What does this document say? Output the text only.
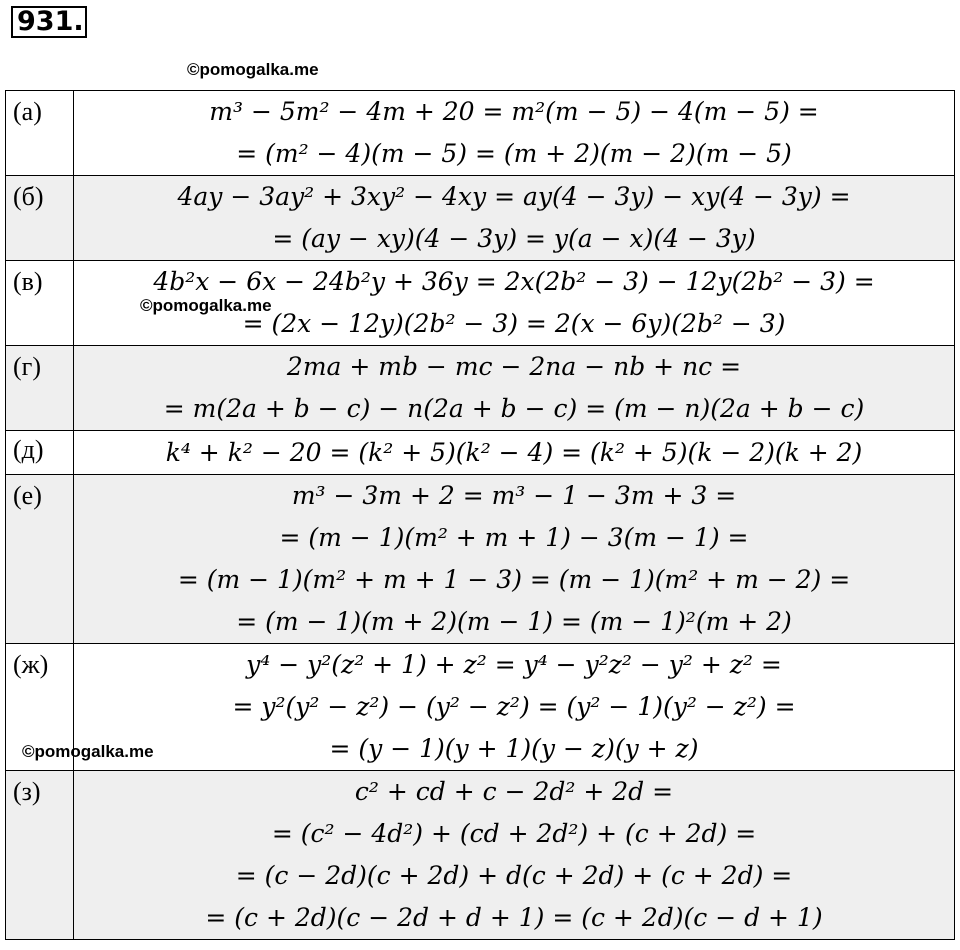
931.
©pomogalka.me
(а)	m³ − 5m² − 4m + 20 = m²(m − 5) − 4(m − 5) =
= (m² − 4)(m − 5) = (m + 2)(m − 2)(m − 5)

(б)	4ay − 3ay² + 3xy² − 4xy = ay(4 − 3y) − xy(4 − 3y) =
= (ay − xy)(4 − 3y) = y(a − x)(4 − 3y)

(в)	4b²x − 6x − 24b²y + 36y = 2x(2b² − 3) − 12y(2b² − 3) =
= (2x − 12y)(2b² − 3) = 2(x − 6y)(2b² − 3)

(г)	2ma + mb − mc − 2na − nb + nc =
= m(2a + b − c) − n(2a + b − c) = (m − n)(2a + b − c)

(д)	k⁴ + k² − 20 = (k² + 5)(k² − 4) = (k² + 5)(k − 2)(k + 2)

(е)	m³ − 3m + 2 = m³ − 1 − 3m + 3 =
= (m − 1)(m² + m + 1) − 3(m − 1) =
= (m − 1)(m² + m + 1 − 3) = (m − 1)(m² + m − 2) =
= (m − 1)(m + 2)(m − 1) = (m − 1)²(m + 2)

(ж)	y⁴ − y²(z² + 1) + z² = y⁴ − y²z² − y² + z² =
= y²(y² − z²) − (y² − z²) = (y² − 1)(y² − z²) =
= (y − 1)(y + 1)(y − z)(y + z)

(з)	c² + cd + c − 2d² + 2d =
= (c² − 4d²) + (cd + 2d²) + (c + 2d) =
= (c − 2d)(c + 2d) + d(c + 2d) + (c + 2d) =
= (c + 2d)(c − 2d + d + 1) = (c + 2d)(c − d + 1)
©pomogalka.me
©pomogalka.me
